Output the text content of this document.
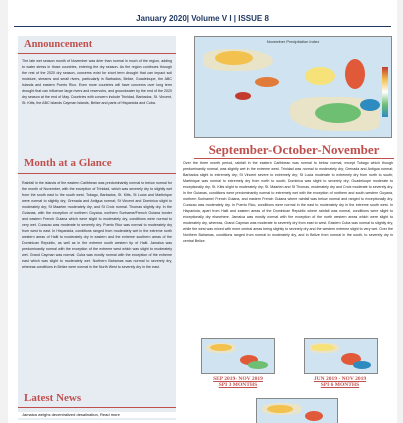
January 2020| Volume V I | ISSUE 8
Announcement
The late wet season month of November was drier than normal in much of the region, adding to water stress in those countries, entering the dry season. As the region continues through the rest of the 2020 dry season, concerns exist for short term drought that can impact soil moisture, streams and small rivers, particularly in Barbados, Belize, Guadeloupe, the ABC Islands and eastern Puerto Rico. Even more countries will have concerns over long term drought that can influence large rivers and reservoirs, and groundwater by the end of the 2020 dry season at the end of May. Countries with concern include Trinidad, Barbados, St. Vincent, St. Kitts, the ABC Islands Cayman Islands, Belize and parts of Hispaniola and Cuba.
Month at a Glance
Rainfall in the islands of the eastern Caribbean was predominantly normal to below normal for the month of November, with the exception of Trinidad, which was severely dry to slightly wet from the south east to the south west. Tobago, Barbados, St. Kitts, St Lucia and Martinique were normal to slightly dry; Grenada and Antigua normal; St Vincent and Dominica slight to moderately dry; St Maarten moderately dry; and St Croix normal. Thomas slightly dry. In the Guianas, with the exception of northern Guyana, northern Suriname/French Guiana border and eastern French Guiana which were slight to moderately dry, conditions were normal to very wet. Curacao was moderate to severely dry. Puerto Rico was normal to moderately dry from west to east. In Hispaniola, conditions ranged from moderately wet in the extreme north western areas of Haiti to moderately dry in eastern and the extreme southern areas of the Dominican Republic, as well as in the extreme south western tip of Haiti. Jamaica was predominantly normal with the exception of the extreme west which was slight to moderately wet. Grand Cayman was normal. Cuba was mostly normal with the exception of the extreme east which was slight to moderately wet. Northern Bahamas was normal to severely dry, whereas conditions in Belize were normal in the North West to severely dry in the east.
Latest News
Jamaica weighs decentralized desalination, Read more
November Precipitation Index
September-October-November
Over the three month period, rainfall in the eastern Caribbean was normal to below normal, except Tobago which though predominantly normal, was slightly wet in the extreme west. Trinidad was normal to moderately dry; Grenada and Antigua normal; Barbados slight to extremely dry; St Vincent severe to extremely dry; St Lucia moderate to extremely dry from north to south; Martinique was normal to extremely dry from north to south; Dominica was slight to severely dry; Guadeloupe moderate to exceptionally dry; St. Kitts slight to moderately dry; St. Maarten and St Thomas, moderately dry and Croix moderate to severely dry. In the Guianas, conditions were predominantly normal to extremely wet with the exception of northern and south-western Guyana, northern Suriname/ French Guiana, and eastern French Guiana where rainfall was below normal and ranged to exceptionally dry. Curacao was moderately dry. In Puerto Rico, conditions were normal in the east to moderately dry in the extreme south west. In Hispaniola, apart from Haiti and eastern areas of the Dominican Republic where rainfall was normal, conditions were slight to exceptionally dry elsewhere. Jamaica was mostly normal with the exception of the north western areas which were slight to moderately dry, whereas, Grand Cayman was moderate to severely dry from east to west. Eastern Cuba was normal to slightly dry, while the west was mixed with more central areas being slightly to severely dry and the western extreme slight to very wet. Over the Northern Bahamas, conditions ranged from normal to moderately dry, and in Belize from normal in the south, to severely dry in central Belize.
SEP 2019- NOV 2019
SPI 3 MONTHS
JUN 2019 - NOV 2019
SPI 6 MONTHS
